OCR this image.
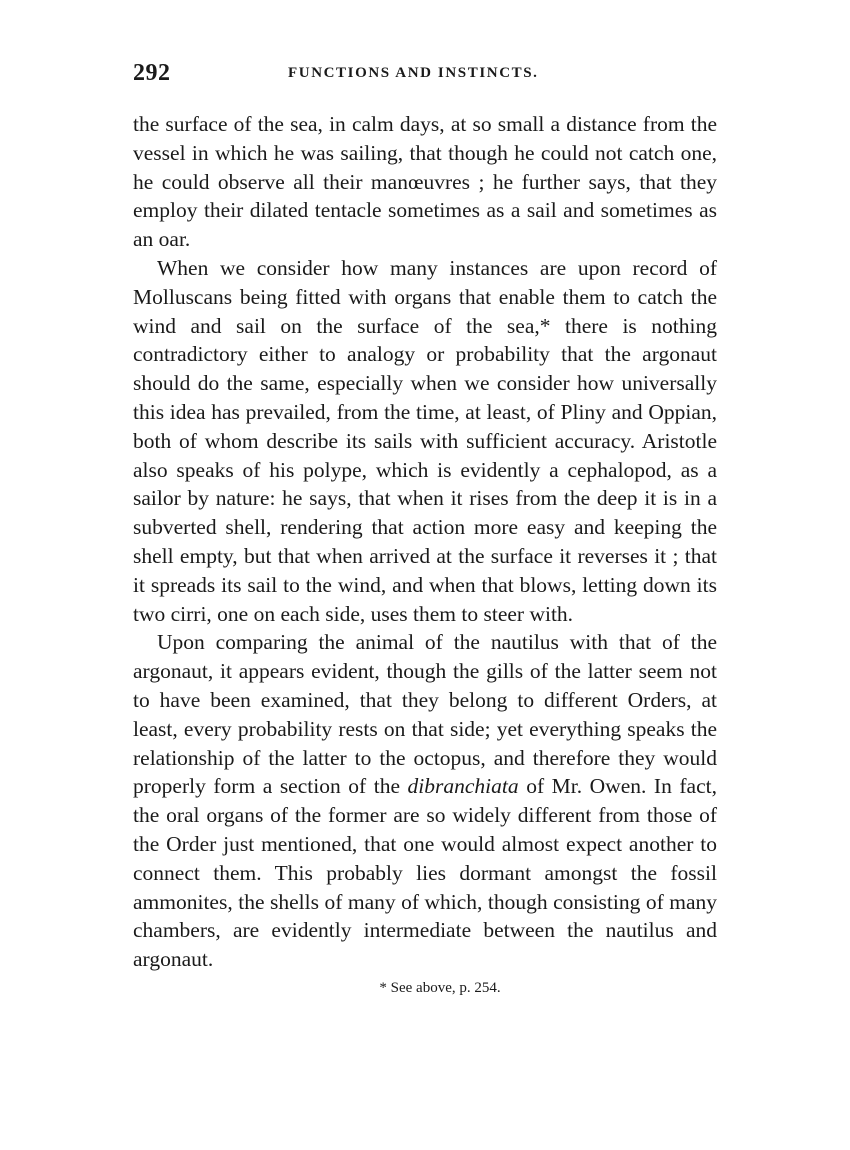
292	FUNCTIONS AND INSTINCTS.

the surface of the sea, in calm days, at so small a distance from the vessel in which he was sailing, that though he could not catch one, he could observe all their manœuvres ; he further says, that they employ their dilated tentacle sometimes as a sail and sometimes as an oar.

When we consider how many instances are upon record of Molluscans being fitted with organs that enable them to catch the wind and sail on the surface of the sea,* there is nothing contradictory either to analogy or probability that the argonaut should do the same, especially when we consider how universally this idea has prevailed, from the time, at least, of Pliny and Oppian, both of whom describe its sails with sufficient accuracy. Aristotle also speaks of his polype, which is evidently a cephalopod, as a sailor by nature: he says, that when it rises from the deep it is in a subverted shell, rendering that action more easy and keeping the shell empty, but that when arrived at the surface it reverses it ; that it spreads its sail to the wind, and when that blows, letting down its two cirri, one on each side, uses them to steer with.

Upon comparing the animal of the nautilus with that of the argonaut, it appears evident, though the gills of the latter seem not to have been examined, that they belong to different Orders, at least, every probability rests on that side; yet everything speaks the relationship of the latter to the octopus, and therefore they would properly form a section of the dibranchiata of Mr. Owen. In fact, the oral organs of the former are so widely different from those of the Order just mentioned, that one would almost expect another to connect them. This probably lies dormant amongst the fossil ammonites, the shells of many of which, though consisting of many chambers, are evidently intermediate between the nautilus and argonaut.

* See above, p. 254.
